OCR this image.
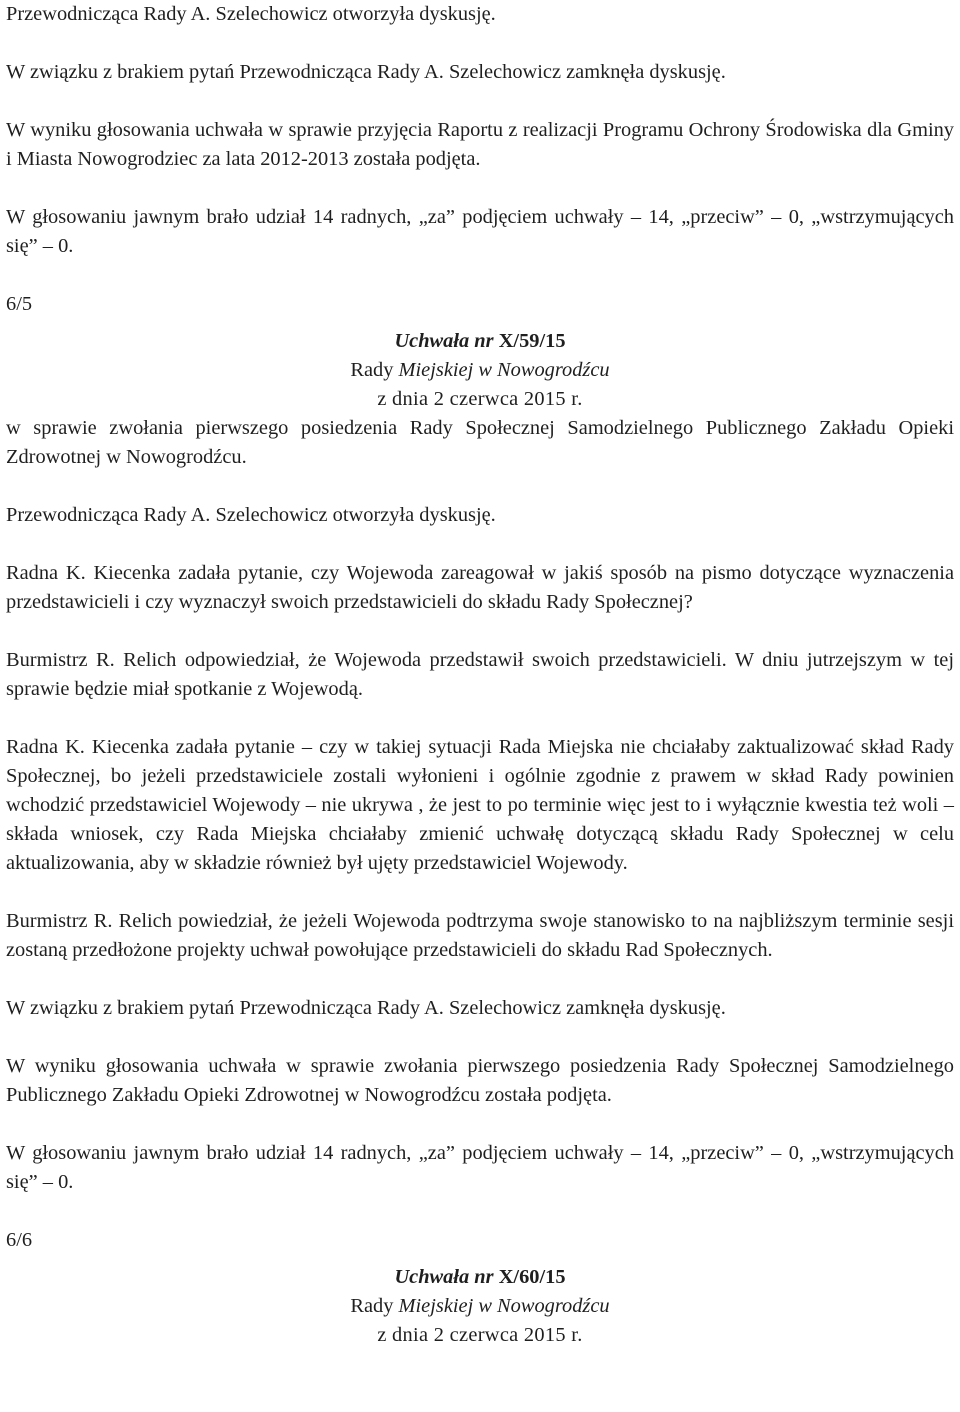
Przewodnicząca Rady A. Szelechowicz otworzyła dyskusję.

W związku z brakiem pytań Przewodnicząca Rady A. Szelechowicz zamknęła dyskusję.

W wyniku głosowania uchwała w sprawie przyjęcia Raportu z realizacji Programu Ochrony Środowiska dla Gminy i Miasta Nowogrodziec za lata 2012-2013 została podjęta.

W głosowaniu jawnym brało udział 14 radnych, „za” podjęciem uchwały – 14, „przeciw” – 0, „wstrzymujących się” – 0.

6/5

Uchwała nr X/59/15

Rady Miejskiej w Nowogrodźcu

z dnia 2 czerwca 2015 r.

w sprawie zwołania pierwszego posiedzenia Rady Społecznej Samodzielnego Publicznego Zakładu Opieki Zdrowotnej w Nowogrodźcu.

Przewodnicząca Rady A. Szelechowicz otworzyła dyskusję.

Radna K. Kiecenka zadała pytanie, czy Wojewoda zareagował w jakiś sposób na pismo dotyczące wyznaczenia przedstawicieli i czy wyznaczył swoich przedstawicieli do składu Rady Społecznej?

Burmistrz R. Relich odpowiedział, że Wojewoda przedstawił swoich przedstawicieli. W dniu jutrzejszym w tej sprawie będzie miał spotkanie z Wojewodą.

Radna K. Kiecenka zadała pytanie – czy w takiej sytuacji Rada Miejska nie chciałaby zaktualizować skład Rady Społecznej, bo jeżeli przedstawiciele zostali wyłonieni i ogólnie zgodnie z prawem w skład Rady powinien wchodzić przedstawiciel Wojewody – nie ukrywa , że jest to po terminie więc jest to i wyłącznie kwestia też woli – składa wniosek, czy Rada Miejska chciałaby zmienić uchwałę dotyczącą składu Rady Społecznej w celu aktualizowania, aby w składzie również był ujęty przedstawiciel Wojewody.

Burmistrz R. Relich powiedział, że jeżeli Wojewoda podtrzyma swoje stanowisko to na najbliższym terminie sesji zostaną przedłożone projekty uchwał powołujące przedstawicieli do składu Rad Społecznych.

W związku z brakiem pytań Przewodnicząca Rady A. Szelechowicz zamknęła dyskusję.

W wyniku głosowania uchwała w sprawie zwołania pierwszego posiedzenia Rady Społecznej Samodzielnego Publicznego Zakładu Opieki Zdrowotnej w Nowogrodźcu została podjęta.

W głosowaniu jawnym brało udział 14 radnych, „za” podjęciem uchwały – 14, „przeciw” – 0, „wstrzymujących się” – 0.

6/6

Uchwała nr X/60/15

Rady Miejskiej w Nowogrodźcu

z dnia 2 czerwca 2015 r.
